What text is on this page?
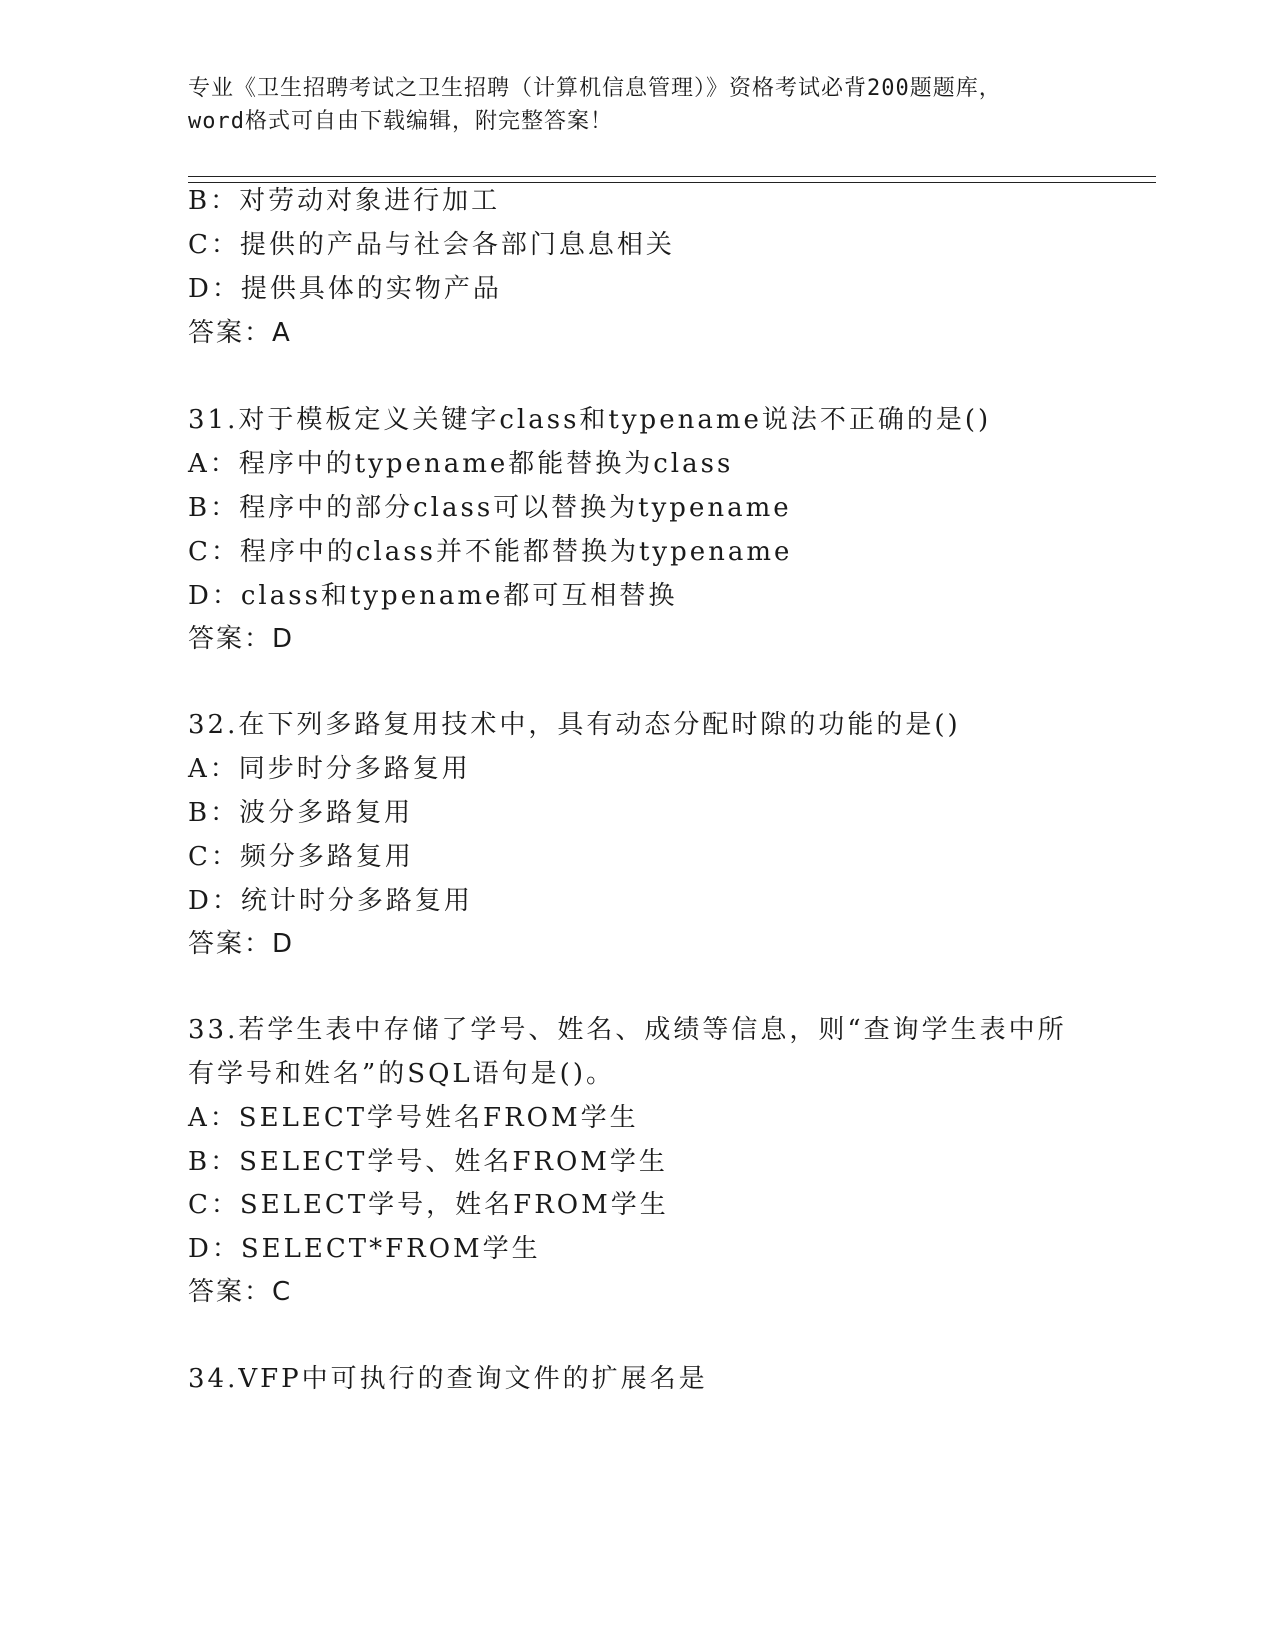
专业《卫生招聘考试之卫生招聘（计算机信息管理）》资格考试必背200题题库，
word格式可自由下载编辑，附完整答案！
B：对劳动对象进行加工
C：提供的产品与社会各部门息息相关
D：提供具体的实物产品
答案：A
31.对于模板定义关键字class和typename说法不正确的是()
A：程序中的typename都能替换为class
B：程序中的部分class可以替换为typename
C：程序中的class并不能都替换为typename
D：class和typename都可互相替换
答案：D
32.在下列多路复用技术中，具有动态分配时隙的功能的是()
A：同步时分多路复用
B：波分多路复用
C：频分多路复用
D：统计时分多路复用
答案：D
33.若学生表中存储了学号、姓名、成绩等信息，则“查询学生表中所
有学号和姓名”的SQL语句是()。
A：SELECT学号姓名FROM学生
B：SELECT学号、姓名FROM学生
C：SELECT学号，姓名FROM学生
D：SELECT*FROM学生
答案：C
34.VFP中可执行的查询文件的扩展名是
